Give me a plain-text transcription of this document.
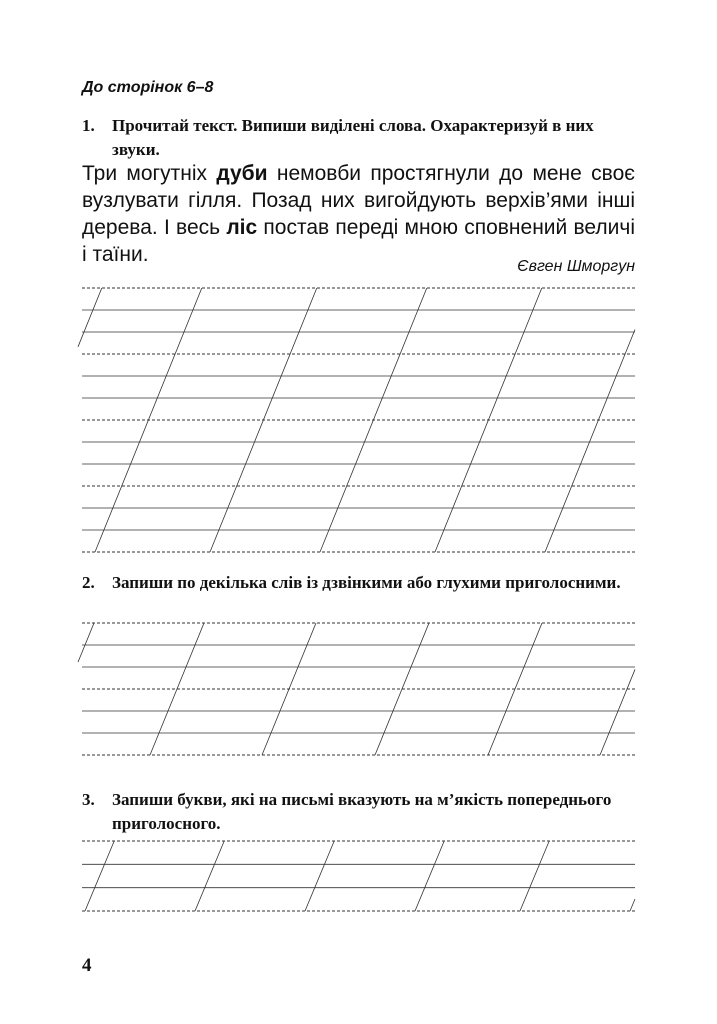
До сторінок 6–8
1. Прочитай текст. Випиши виділені слова. Охарактеризуй в них звуки.

Три могутніх дуби немовби простягнули до мене своє вузлувати гілля. Позад них вигойдують верхів’ями інші дерева. І весь ліс постав переді мною сповнений величі і таїни.

Євген Шморгун
2. Запиши по декілька слів із дзвінкими або глухими приголосними.
3. Запиши букви, які на письмі вказують на м’якість попереднього приголосного.
4
